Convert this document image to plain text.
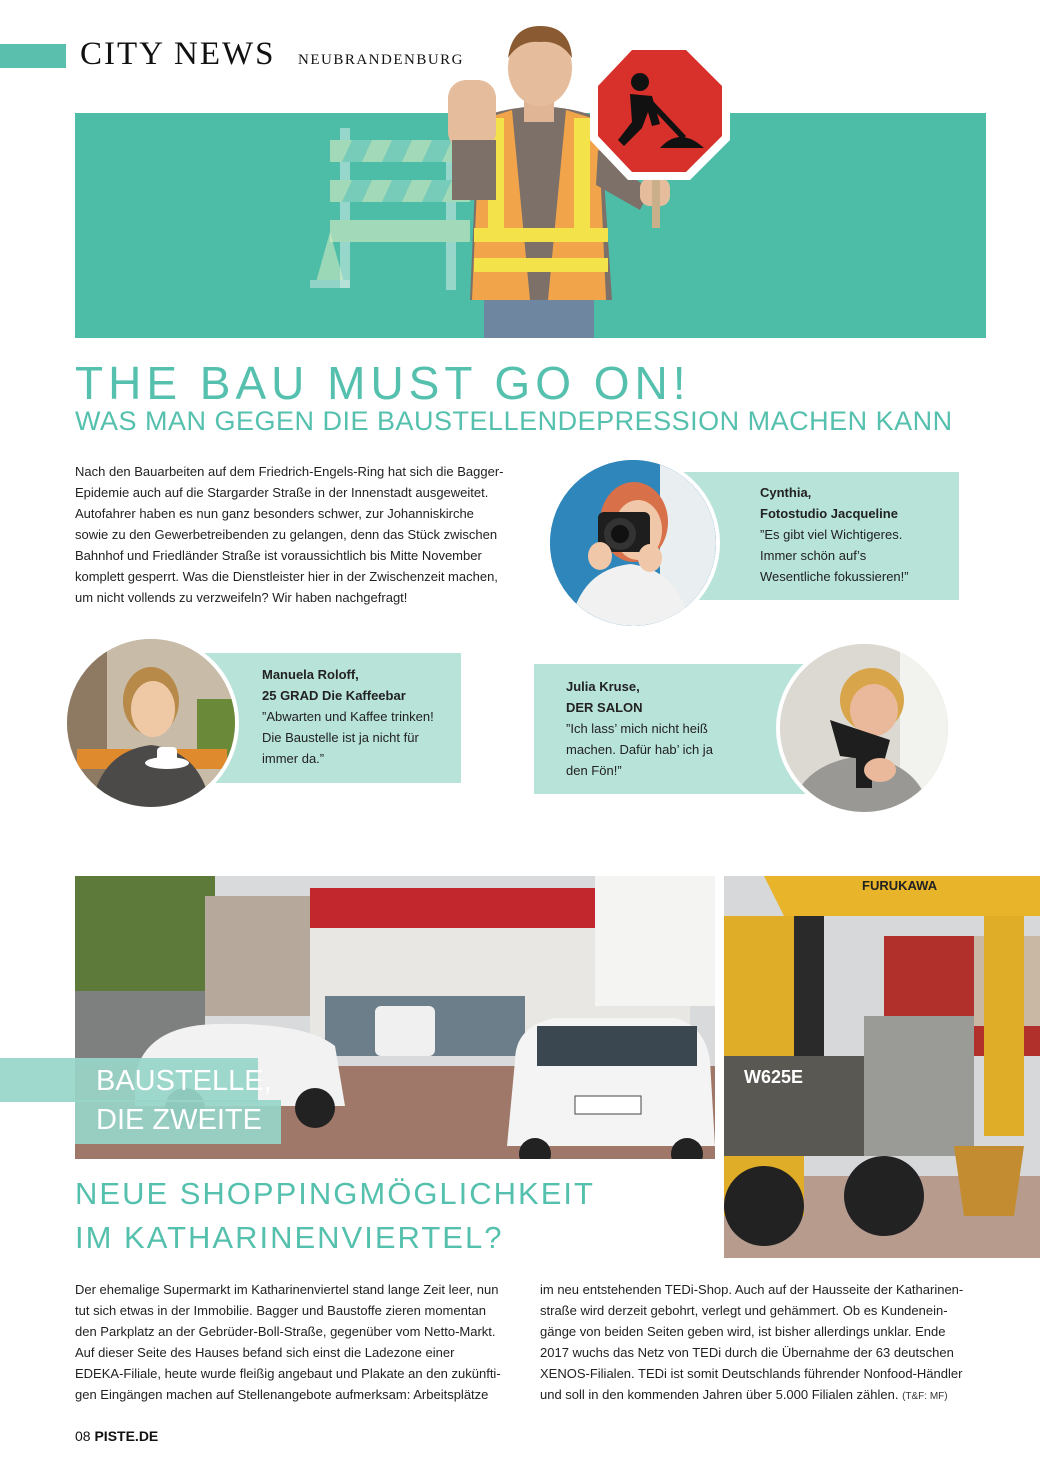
CITY NEWS NEUBRANDENBURG
THE BAU MUST GO ON!
WAS MAN GEGEN DIE BAUSTELLENDEPRESSION MACHEN KANN
Nach den Bauarbeiten auf dem Friedrich-Engels-Ring hat sich die Bagger-
Epidemie auch auf die Stargarder Straße in der Innenstadt ausgeweitet.
Autofahrer haben es nun ganz besonders schwer, zur Johanniskirche
sowie zu den Gewerbetreibenden zu gelangen, denn das Stück zwischen
Bahnhof und Friedländer Straße ist voraussichtlich bis Mitte November
komplett gesperrt. Was die Dienstleister hier in der Zwischenzeit machen,
um nicht vollends zu verzweifeln? Wir haben nachgefragt!
Cynthia,
Fotostudio Jacqueline
”Es gibt viel Wichtigeres.
Immer schön auf’s
Wesentliche fokussieren!”
Manuela Roloff,
25 GRAD Die Kaffeebar
”Abwarten und Kaffee trinken!
Die Baustelle ist ja nicht für
immer da.”
Julia Kruse,
DER SALON
”Ich lass’ mich nicht heiß
machen. Dafür hab’ ich ja
den Fön!”
W625E
FURUKAWA
BAUSTELLE,
DIE ZWEITE
NEUE SHOPPINGMÖGLICHKEIT
IM KATHARINENVIERTEL?
Der ehemalige Supermarkt im Katharinenviertel stand lange Zeit leer, nun
tut sich etwas in der Immobilie. Bagger und Baustoffe zieren momentan
den Parkplatz an der Gebrüder-Boll-Straße, gegenüber vom Netto-Markt.
Auf dieser Seite des Hauses befand sich einst die Ladezone einer
EDEKA-Filiale, heute wurde fleißig angebaut und Plakate an den zukünfti-
gen Eingängen machen auf Stellenangebote aufmerksam: Arbeitsplätze
im neu entstehenden TEDi-Shop. Auch auf der Hausseite der Katharinen-
straße wird derzeit gebohrt, verlegt und gehämmert. Ob es Kundenein-
gänge von beiden Seiten geben wird, ist bisher allerdings unklar. Ende
2017 wuchs das Netz von TEDi durch die Übernahme der 63 deutschen
XENOS-Filialen. TEDi ist somit Deutschlands führender Nonfood-Händler
und soll in den kommenden Jahren über 5.000 Filialen zählen. (T&F: MF)
08 PISTE.DE
